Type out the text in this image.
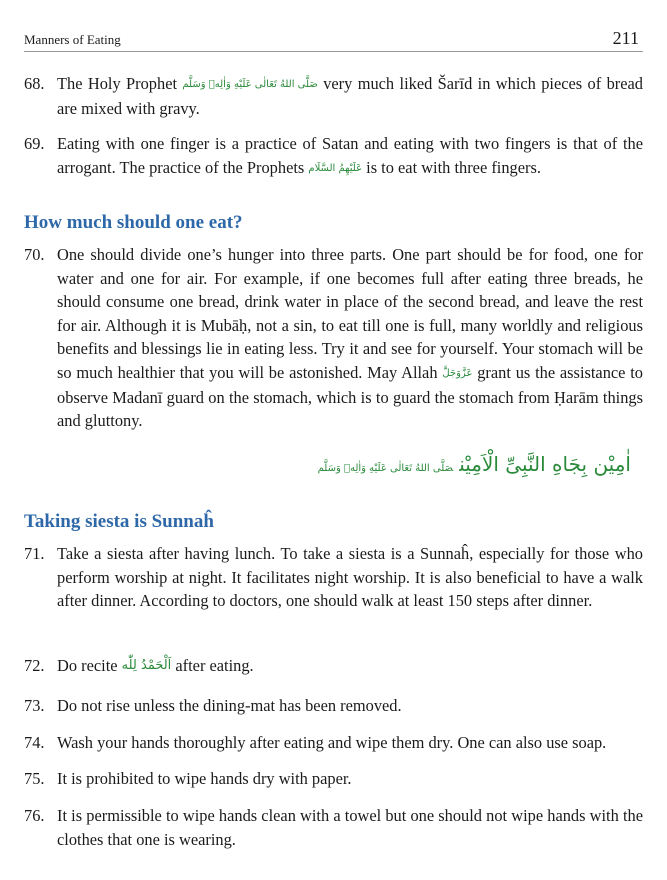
Manners of Eating	211
68. The Holy Prophet صَلَّی اللهُ تَعَالٰی عَلَیْهِ وَاٰلِهٖ وَسَلَّم very much liked Šarīd in which pieces of bread are mixed with gravy.
69. Eating with one finger is a practice of Satan and eating with two fingers is that of the arrogant. The practice of the Prophets عَلَیْهِمُ السَّلَام is to eat with three fingers.
How much should one eat?
70. One should divide one’s hunger into three parts. One part should be for food, one for water and one for air. For example, if one becomes full after eating three breads, he should consume one bread, drink water in place of the second bread, and leave the rest for air. Although it is Mubāḥ, not a sin, to eat till one is full, many worldly and religious benefits and blessings lie in eating less. Try it and see for yourself. Your stomach will be so much healthier that you will be astonished. May Allah عَزَّوَجَلَّ grant us the assistance to observe Madanī guard on the stomach, which is to guard the stomach from Ḥarām things and gluttony.
اٰمِیْن بِجَاهِ النَّبِیِّ الْاَمِیْنصَلَّی اللهُ تَعَالٰی عَلَیْهِ وَاٰلِهٖ وَسَلَّم
Taking siesta is Sunnaĥ
71. Take a siesta after having lunch. To take a siesta is a Sunnaĥ, especially for those who perform worship at night. It facilitates night worship. It is also beneficial to have a walk after dinner. According to doctors, one should walk at least 150 steps after dinner.
72. Do recite اَلْحَمْدُ لِلّٰه after eating.
73. Do not rise unless the dining-mat has been removed.
74. Wash your hands thoroughly after eating and wipe them dry. One can also use soap.
75. It is prohibited to wipe hands dry with paper.
76. It is permissible to wipe hands clean with a towel but one should not wipe hands with the clothes that one is wearing.
